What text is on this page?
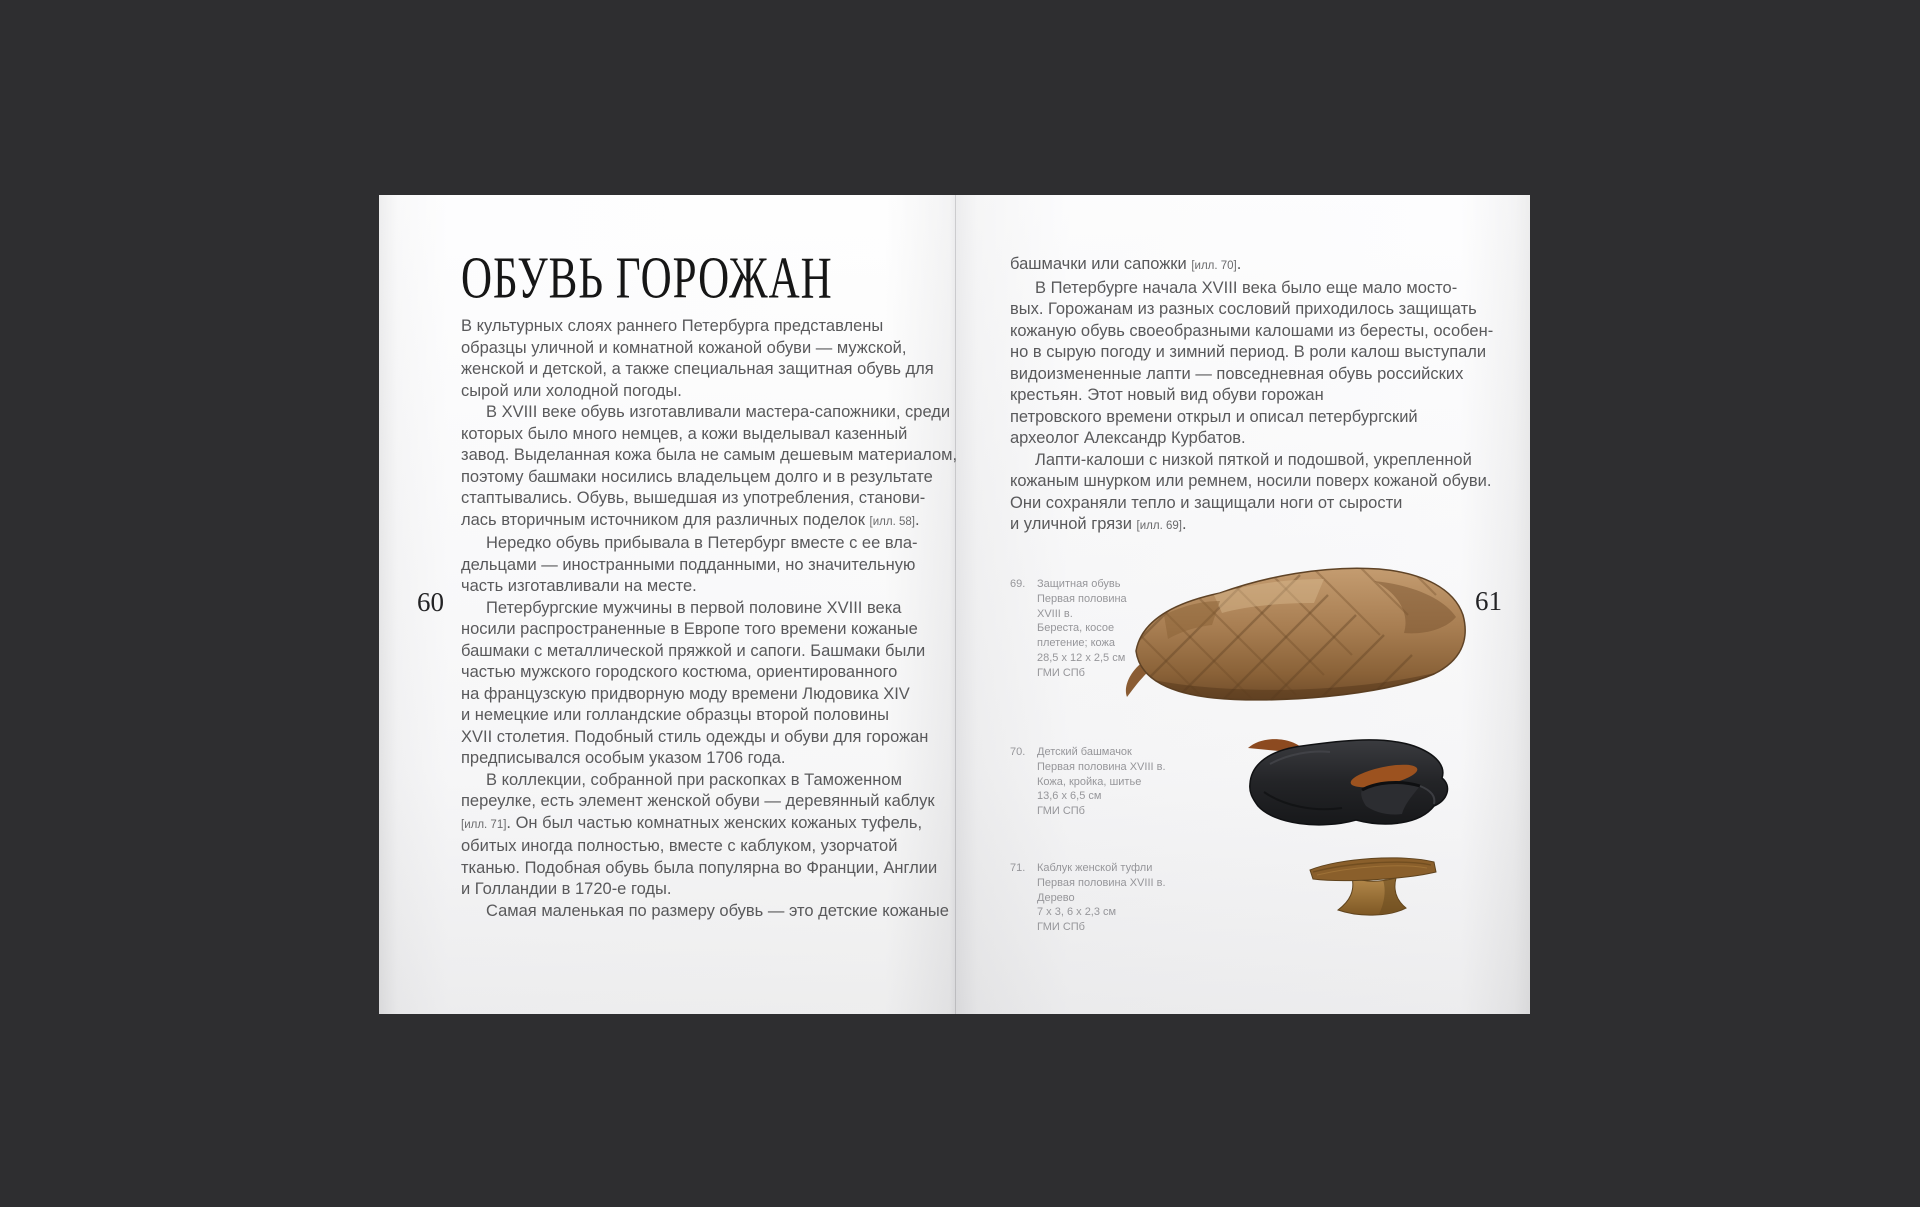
ОБУВЬ ГОРОЖАН
В культурных слоях раннего Петербурга представлены
образцы уличной и комнатной кожаной обуви — мужской,
женской и детской, а также специальная защитная обувь для
сырой или холодной погоды.
В XVIII веке обувь изготавливали мастера-сапожники, среди
которых было много немцев, а кожи выделывал казенный
завод. Выделанная кожа была не самым дешевым материалом,
поэтому башмаки носились владельцем долго и в результате
стаптывались. Обувь, вышедшая из употребления, станови-
лась вторичным источником для различных поделок [илл. 58].
Нередко обувь прибывала в Петербург вместе с ее вла-
дельцами — иностранными подданными, но значительную
часть изготавливали на месте.
Петербургские мужчины в первой половине XVIII века
носили распространенные в Европе того времени кожаные
башмаки с металлической пряжкой и сапоги. Башмаки были
частью мужского городского костюма, ориентированного
на французскую придворную моду времени Людовика XIV
и немецкие или голландские образцы второй половины
XVII столетия. Подобный стиль одежды и обуви для горожан
предписывался особым указом 1706 года.
В коллекции, собранной при раскопках в Таможенном
переулке, есть элемент женской обуви — деревянный каблук
[илл. 71]. Он был частью комнатных женских кожаных туфель,
обитых иногда полностью, вместе с каблуком, узорчатой
тканью. Подобная обувь была популярна во Франции, Англии
и Голландии в 1720-е годы.
Самая маленькая по размеру обувь — это детские кожаные
60
башмачки или сапожки [илл. 70].
В Петербурге начала XVIII века было еще мало мосто-
вых. Горожанам из разных сословий приходилось защищать
кожаную обувь своеобразными калошами из бересты, особен-
но в сырую погоду и зимний период. В роли калош выступали
видоизмененные лапти — повседневная обувь российских
крестьян. Этот новый вид обуви горожан
петровского времени открыл и описал петербургский
археолог Александр Курбатов.
Лапти-калоши с низкой пяткой и подошвой, укрепленной
кожаным шнурком или ремнем, носили поверх кожаной обуви.
Они сохраняли тепло и защищали ноги от сырости
и уличной грязи [илл. 69].
61
69. Защитная обувь
Первая половина
XVIII в.
Береста, косое
плетение; кожа
28,5 x 12 x 2,5 см
ГМИ СПб
70. Детский башмачок
Первая половина XVIII в.
Кожа, кройка, шитье
13,6 x 6,5 см
ГМИ СПб
71. Каблук женской туфли
Первая половина XVIII в.
Дерево
7 x 3, 6 x 2,3 см
ГМИ СПб
